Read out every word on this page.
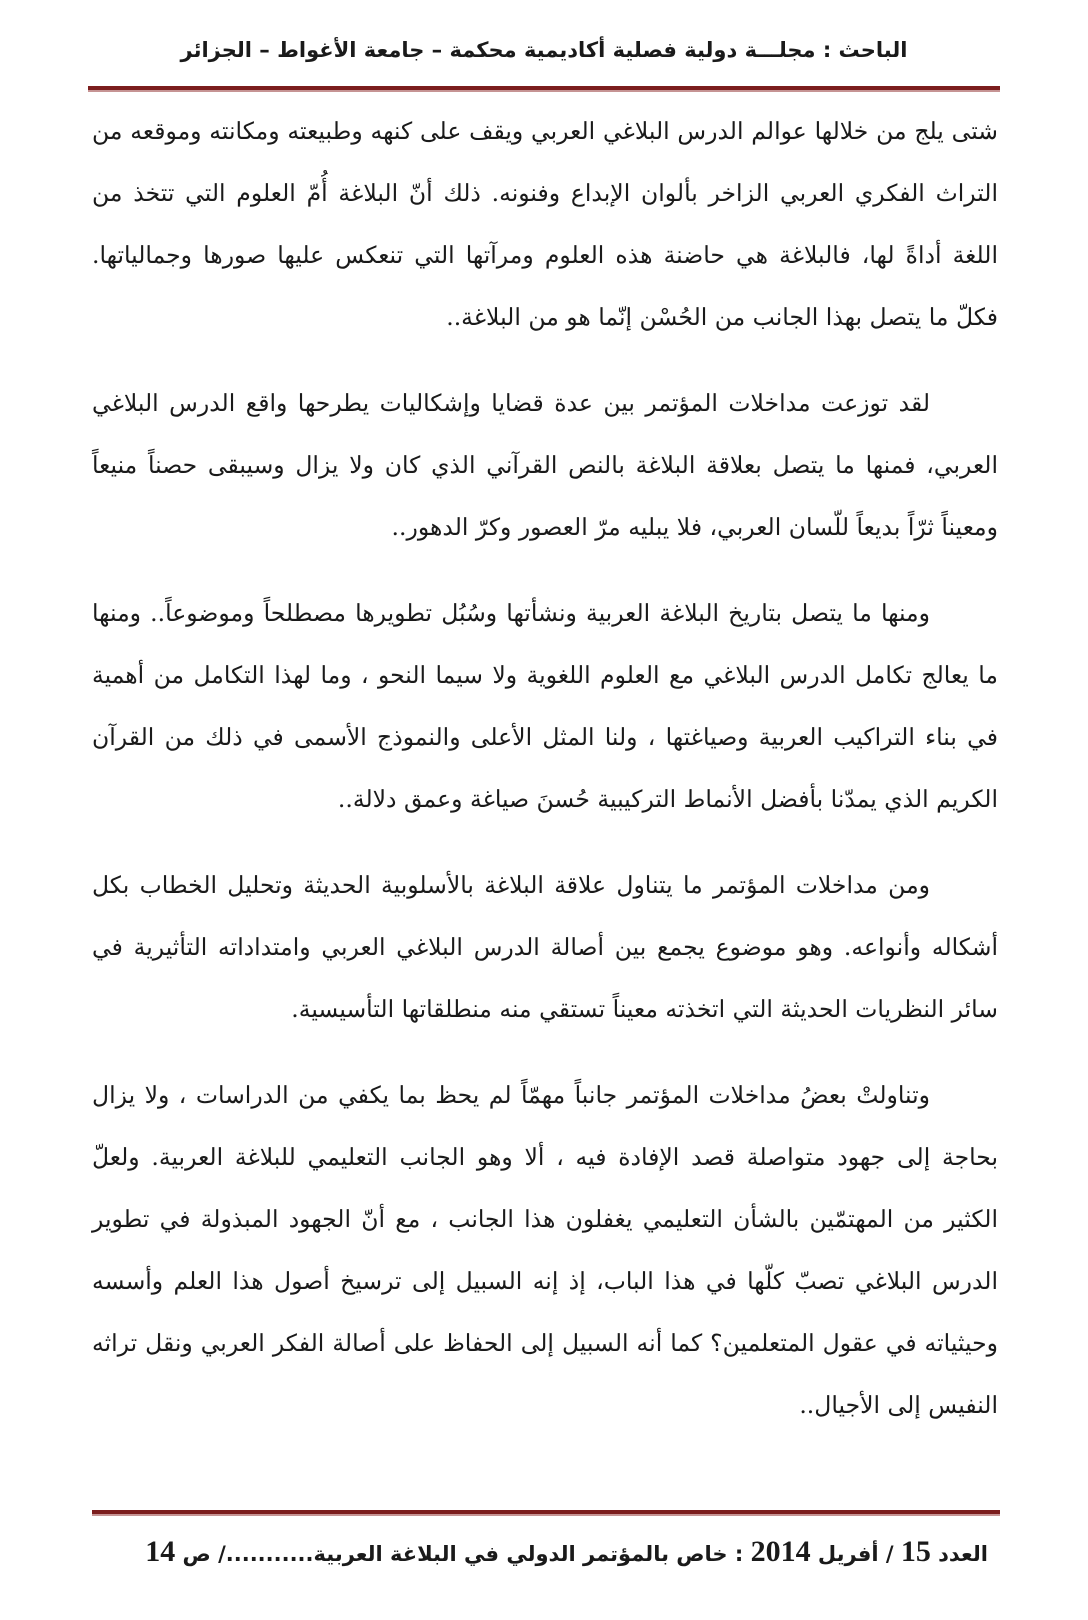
الباحث : مجلـــة دولية فصلية أكاديمية محكمة – جامعة الأغواط – الجزائر

شتى يلج من خلالها عوالم الدرس البلاغي العربي ويقف على كنهه وطبيعته ومكانته وموقعه من التراث الفكري العربي الزاخر بألوان الإبداع وفنونه. ذلك أنّ البلاغة أُمّ العلوم التي تتخذ من اللغة أداةً لها، فالبلاغة هي حاضنة هذه العلوم ومرآتها التي تنعكس عليها صورها وجمالياتها. فكلّ ما يتصل بهذا الجانب من الحُسْن إنّما هو من البلاغة..

لقد توزعت مداخلات المؤتمر بين عدة قضايا وإشكاليات يطرحها واقع الدرس البلاغي العربي، فمنها ما يتصل بعلاقة البلاغة بالنص القرآني الذي كان ولا يزال وسيبقى حصناً منيعاً ومعيناً ثرّاً بديعاً للّسان العربي، فلا يبليه مرّ العصور وكرّ الدهور..

ومنها ما يتصل بتاريخ البلاغة العربية ونشأتها وسُبُل تطويرها مصطلحاً وموضوعاً.. ومنها ما يعالج تكامل الدرس البلاغي مع العلوم اللغوية ولا سيما النحو ، وما لهذا التكامل من أهمية في بناء التراكيب العربية وصياغتها ، ولنا المثل الأعلى والنموذج الأسمى في ذلك من القرآن الكريم الذي يمدّنا بأفضل الأنماط التركيبية حُسنَ صياغة وعمق دلالة..

ومن مداخلات المؤتمر ما يتناول علاقة البلاغة بالأسلوبية الحديثة وتحليل الخطاب بكل أشكاله وأنواعه. وهو موضوع يجمع بين أصالة الدرس البلاغي العربي وامتداداته التأثيرية في سائر النظريات الحديثة التي اتخذته معيناً تستقي منه منطلقاتها التأسيسية.

وتناولتْ بعضُ مداخلات المؤتمر جانباً مهمّاً لم يحظ بما يكفي من الدراسات ، ولا يزال بحاجة إلى جهود متواصلة قصد الإفادة فيه ، ألا وهو الجانب التعليمي للبلاغة العربية. ولعلّ الكثير من المهتمّين بالشأن التعليمي يغفلون هذا الجانب ، مع أنّ الجهود المبذولة في تطوير الدرس البلاغي تصبّ كلّها في هذا الباب، إذ إنه السبيل إلى ترسيخ أصول هذا العلم وأسسه وحيثياته في عقول المتعلمين؟ كما أنه السبيل إلى الحفاظ على أصالة الفكر العربي ونقل تراثه النفيس إلى الأجيال..

العدد 15 / أفريل 2014 : خاص بالمؤتمر الدولي في البلاغة العربية.........../ ص 14
